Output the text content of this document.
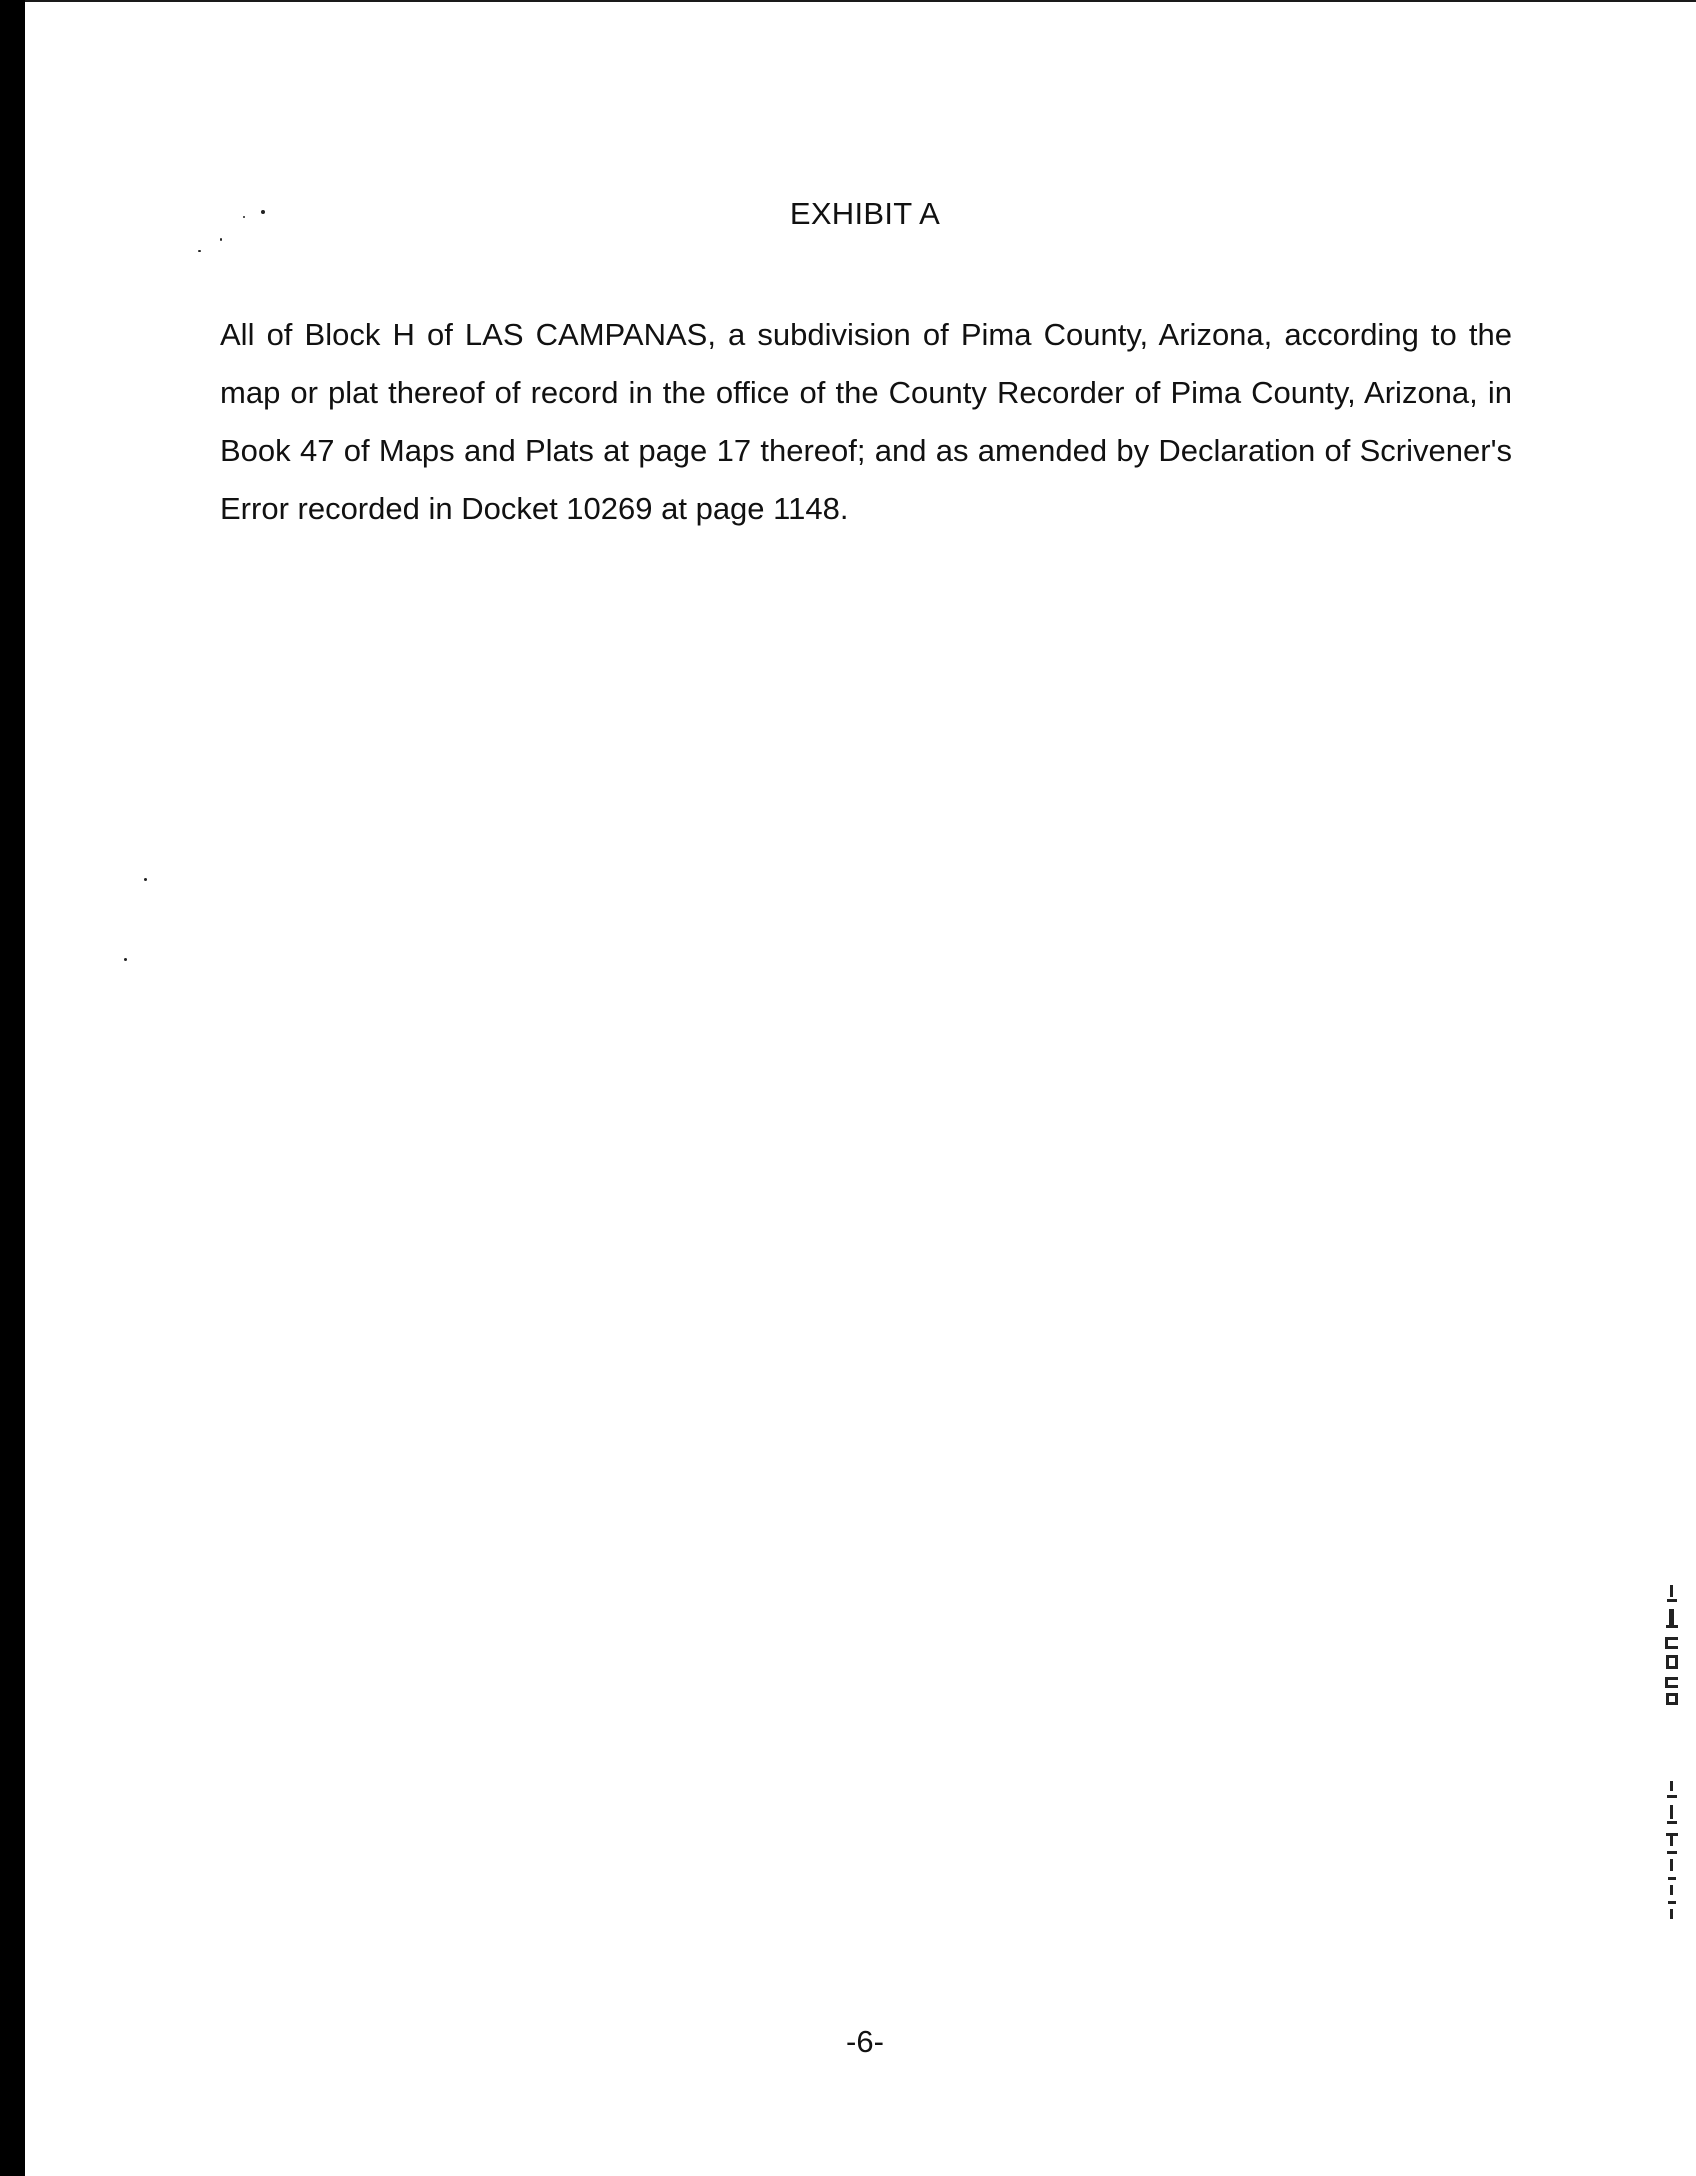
EXHIBIT A

All of Block H of LAS CAMPANAS, a subdivision of Pima County, Arizona, according to the map or plat thereof of record in the office of the County Recorder of Pima County, Arizona, in Book 47 of Maps and Plats at page 17 thereof; and as amended by Declaration of Scrivener's Error recorded in Docket 10269 at page 1148.

-6-
